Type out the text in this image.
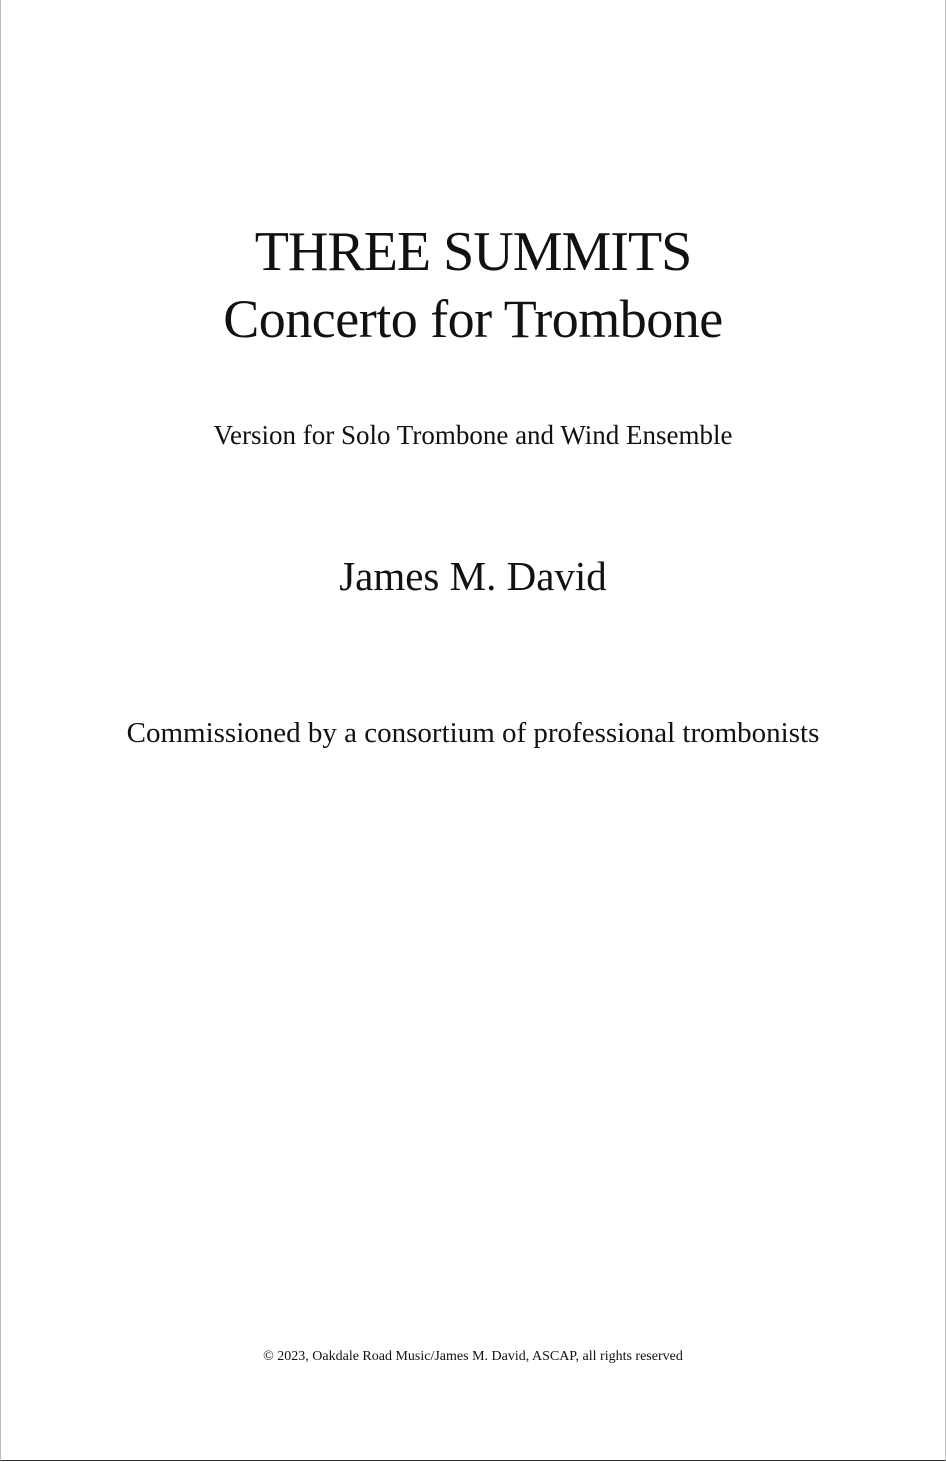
THREE SUMMITS
Concerto for Trombone

Version for Solo Trombone and Wind Ensemble

James M. David

Commissioned by a consortium of professional trombonists

© 2023, Oakdale Road Music/James M. David, ASCAP, all rights reserved
